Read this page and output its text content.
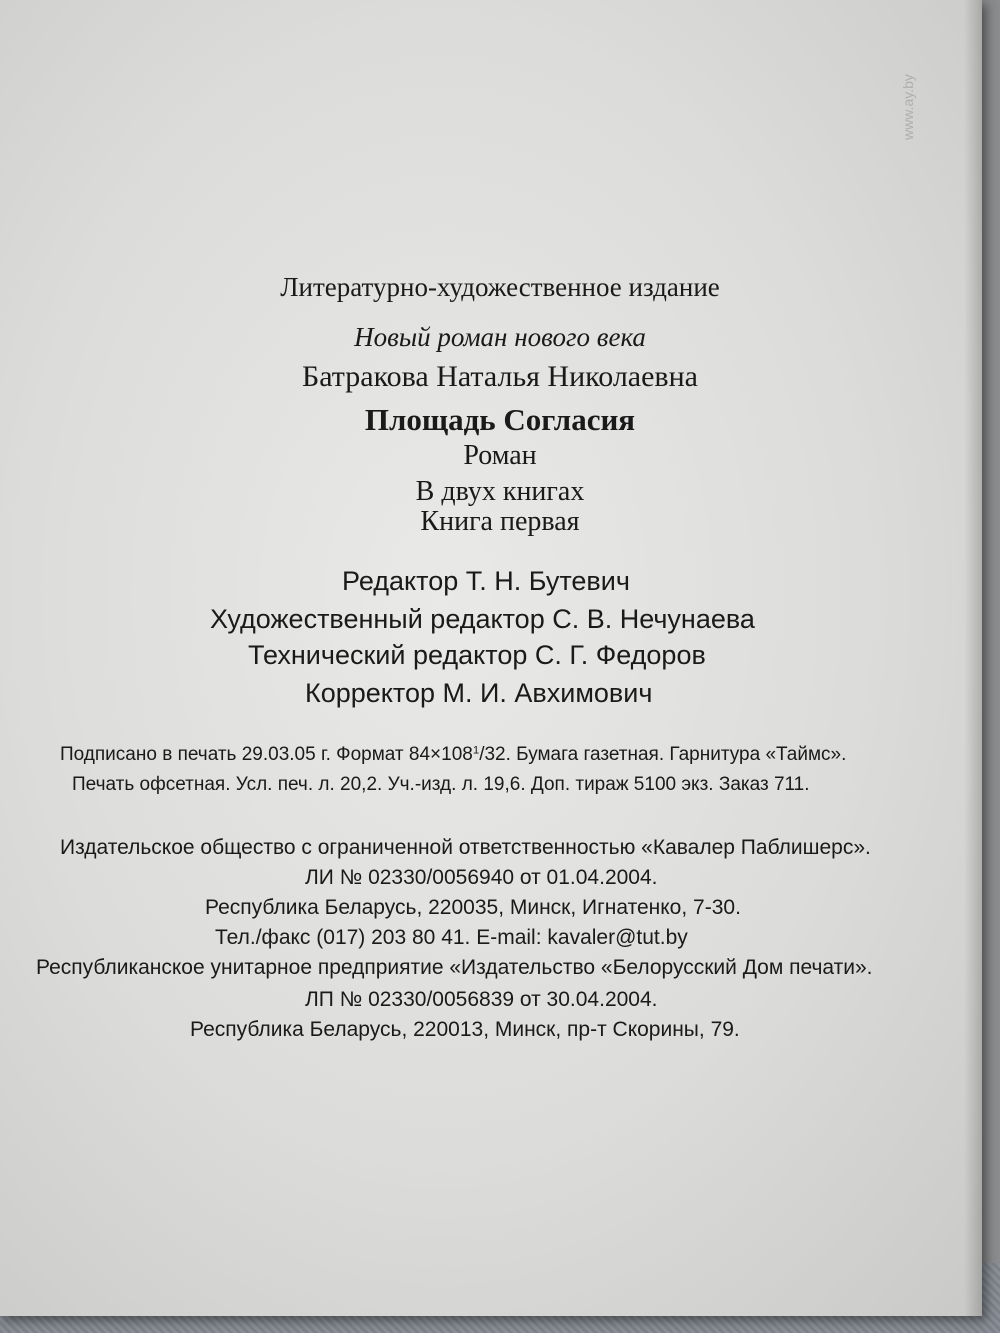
www.ay.by
Литературно-художественное издание
Новый роман нового века
Батракова Наталья Николаевна
Площадь Согласия
Роман
В двух книгах
Книга первая
Редактор Т. Н. Бутевич
Художественный редактор С. В. Нечунаева
Технический редактор С. Г. Федоров
Корректор М. И. Авхимович
Подписано в печать 29.03.05 г. Формат $84\times 108^1/32$. Бумага газетная. Гарнитура «Таймс».
Печать офсетная. Усл. печ. л. 20,2. Уч.-изд. л. 19,6. Доп. тираж 5100 экз. Заказ 711.
Издательское общество с ограниченной ответственностью «Кавалер Паблишерс».
ЛИ № 02330/0056940 от 01.04.2004.
Республика Беларусь, 220035, Минск, Игнатенко, 7-30.
Тел./факс (017) 203 80 41. E-mail: kavaler@tut.by
Республиканское унитарное предприятие «Издательство «Белорусский Дом печати».
ЛП № 02330/0056839 от 30.04.2004.
Республика Беларусь, 220013, Минск, пр-т Скорины, 79.
